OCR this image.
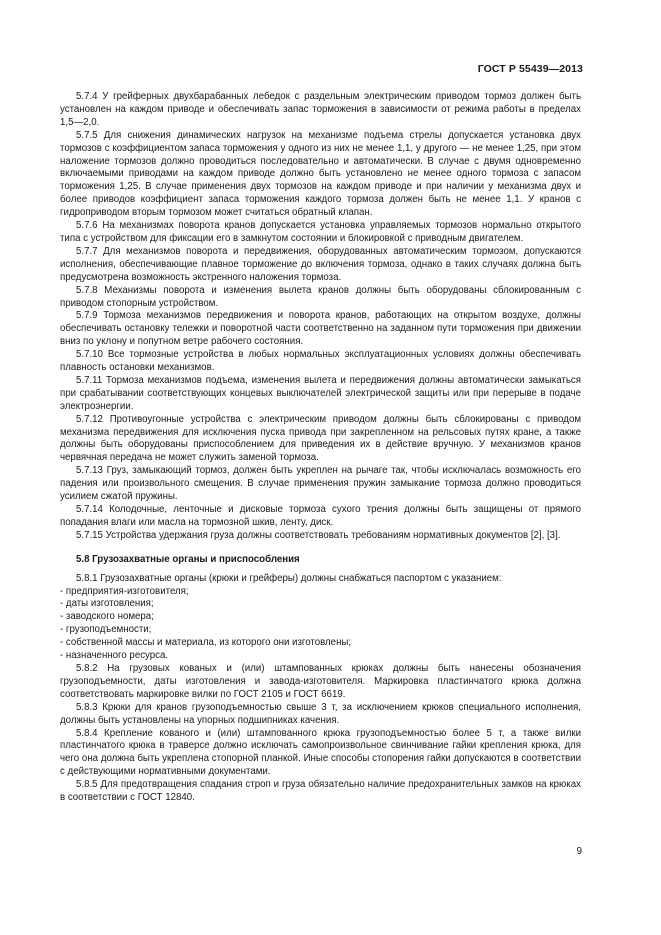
ГОСТ Р 55439—2013

5.7.4 У грейферных двухбарабанных лебедок с раздельным электрическим приводом тормоз должен быть установлен на каждом приводе и обеспечивать запас торможения в зависимости от режима работы в пределах 1,5—2,0.

5.7.5 Для снижения динамических нагрузок на механизме подъема стрелы допускается установка двух тормозов с коэффициентом запаса торможения у одного из них не менее 1,1, у другого — не менее 1,25, при этом наложение тормозов должно проводиться последовательно и автоматически. В случае с двумя одновременно включаемыми приводами на каждом приводе должно быть установлено не менее одного тормоза с запасом торможения 1,25. В случае применения двух тормозов на каждом приводе и при наличии у механизма двух и более приводов коэффициент запаса торможения каждого тормоза должен быть не менее 1,1. У кранов с гидроприводом вторым тормозом может считаться обратный клапан.

5.7.6 На механизмах поворота кранов допускается установка управляемых тормозов нормально открытого типа с устройством для фиксации его в замкнутом состоянии и блокировкой с приводным двигателем.

5.7.7 Для механизмов поворота и передвижения, оборудованных автоматическим тормозом, допускаются исполнения, обеспечивающие плавное торможение до включения тормоза, однако в таких случаях должна быть предусмотрена возможность экстренного наложения тормоза.

5.7.8 Механизмы поворота и изменения вылета кранов должны быть оборудованы сблокированным с приводом стопорным устройством.

5.7.9 Тормоза механизмов передвижения и поворота кранов, работающих на открытом воздухе, должны обеспечивать остановку тележки и поворотной части соответственно на заданном пути торможения при движении вниз по уклону и попутном ветре рабочего состояния.

5.7.10 Все тормозные устройства в любых нормальных эксплуатационных условиях должны обеспечивать плавность остановки механизмов.

5.7.11 Тормоза механизмов подъема, изменения вылета и передвижения должны автоматически замыкаться при срабатывании соответствующих концевых выключателей электрической защиты или при перерыве в подаче электроэнергии.

5.7.12 Противоугонные устройства с электрическим приводом должны быть сблокированы с приводом механизма передвижения для исключения пуска привода при закрепленном на рельсовых путях кране, а также должны быть оборудованы приспособлением для приведения их в действие вручную. У механизмов кранов червячная передача не может служить заменой тормоза.

5.7.13 Груз, замыкающий тормоз, должен быть укреплен на рычаге так, чтобы исключалась возможность его падения или произвольного смещения. В случае применения пружин замыкание тормоза должно проводиться усилием сжатой пружины.

5.7.14 Колодочные, ленточные и дисковые тормоза сухого трения должны быть защищены от прямого попадания влаги или масла на тормозной шкив, ленту, диск.

5.7.15 Устройства удержания груза должны соответствовать требованиям нормативных документов [2], [3].

5.8 Грузозахватные органы и приспособления

5.8.1 Грузозахватные органы (крюки и грейферы) должны снабжаться паспортом с указанием:

- предприятия-изготовителя;

- даты изготовления;

- заводского номера;

- грузоподъемности;

- собственной массы и материала, из которого они изготовлены;

- назначенного ресурса.

5.8.2 На грузовых кованых и (или) штампованных крюках должны быть нанесены обозначения грузоподъемности, даты изготовления и завода-изготовителя. Маркировка пластинчатого крюка должна соответствовать маркировке вилки по ГОСТ 2105 и ГОСТ 6619.

5.8.3 Крюки для кранов грузоподъемностью свыше 3 т, за исключением крюков специального исполнения, должны быть установлены на упорных подшипниках качения.

5.8.4 Крепление кованого и (или) штампованного крюка грузоподъемностью более 5 т, а также вилки пластинчатого крюка в траверсе должно исключать самопроизвольное свинчивание гайки крепления крюка, для чего она должна быть укреплена стопорной планкой. Иные способы стопорения гайки допускаются в соответствии с действующими нормативными документами.

5.8.5 Для предотвращения спадания строп и груза обязательно наличие предохранительных замков на крюках в соответствии с ГОСТ 12840.

9
